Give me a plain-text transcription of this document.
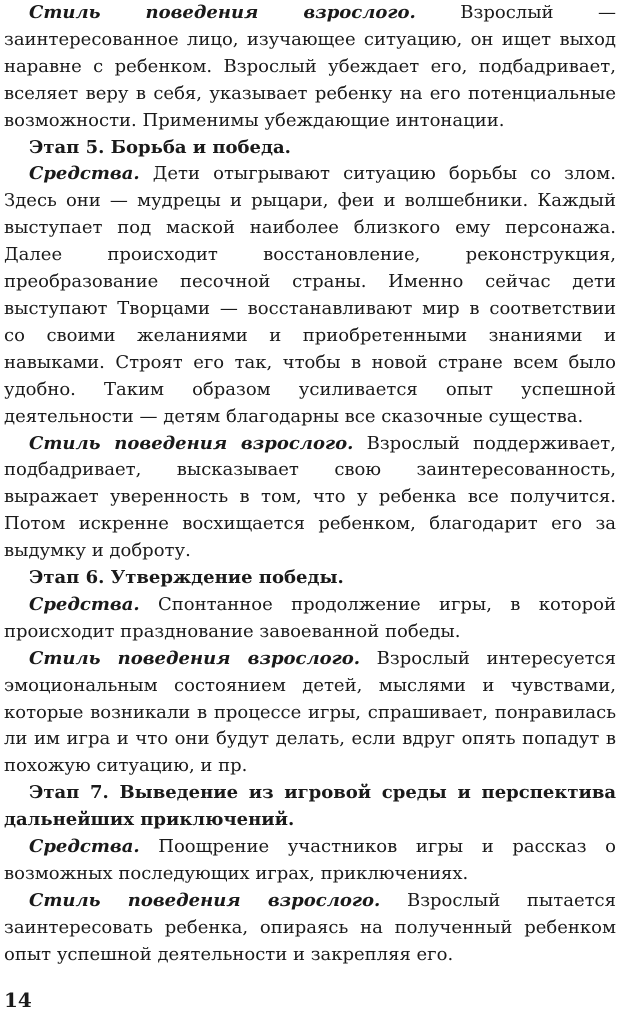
Стиль поведения взрослого. Взрослый — заинтересованное лицо, изучающее ситуацию, он ищет выход наравне с ребенком. Взрослый убеждает его, подбадривает, вселяет веру в себя, указывает ребенку на его потенциальные возможности. Применимы убеждающие интонации.

Этап 5. Борьба и победа.

Средства. Дети отыгрывают ситуацию борьбы со злом. Здесь они — мудрецы и рыцари, феи и волшебники. Каждый выступает под маской наиболее близкого ему персонажа. Далее происходит восстановление, реконструкция, преобразование песочной страны. Именно сейчас дети выступают Творцами — восстанавливают мир в соответствии со своими желаниями и приобретенными знаниями и навыками. Строят его так, чтобы в новой стране всем было удобно. Таким образом усиливается опыт успешной деятельности — детям благодарны все сказочные существа.

Стиль поведения взрослого. Взрослый поддерживает, подбадривает, высказывает свою заинтересованность, выражает уверенность в том, что у ребенка все получится. Потом искренне восхищается ребенком, благодарит его за выдумку и доброту.

Этап 6. Утверждение победы.

Средства. Спонтанное продолжение игры, в которой происходит празднование завоеванной победы.

Стиль поведения взрослого. Взрослый интересуется эмоциональным состоянием детей, мыслями и чувствами, которые возникали в процессе игры, спрашивает, понравилась ли им игра и что они будут делать, если вдруг опять попадут в похожую ситуацию, и пр.

Этап 7. Выведение из игровой среды и перспектива дальнейших приключений.

Средства. Поощрение участников игры и рассказ о возможных последующих играх, приключениях.

Стиль поведения взрослого. Взрослый пытается заинтересовать ребенка, опираясь на полученный ребенком опыт успешной деятельности и закрепляя его.

14
